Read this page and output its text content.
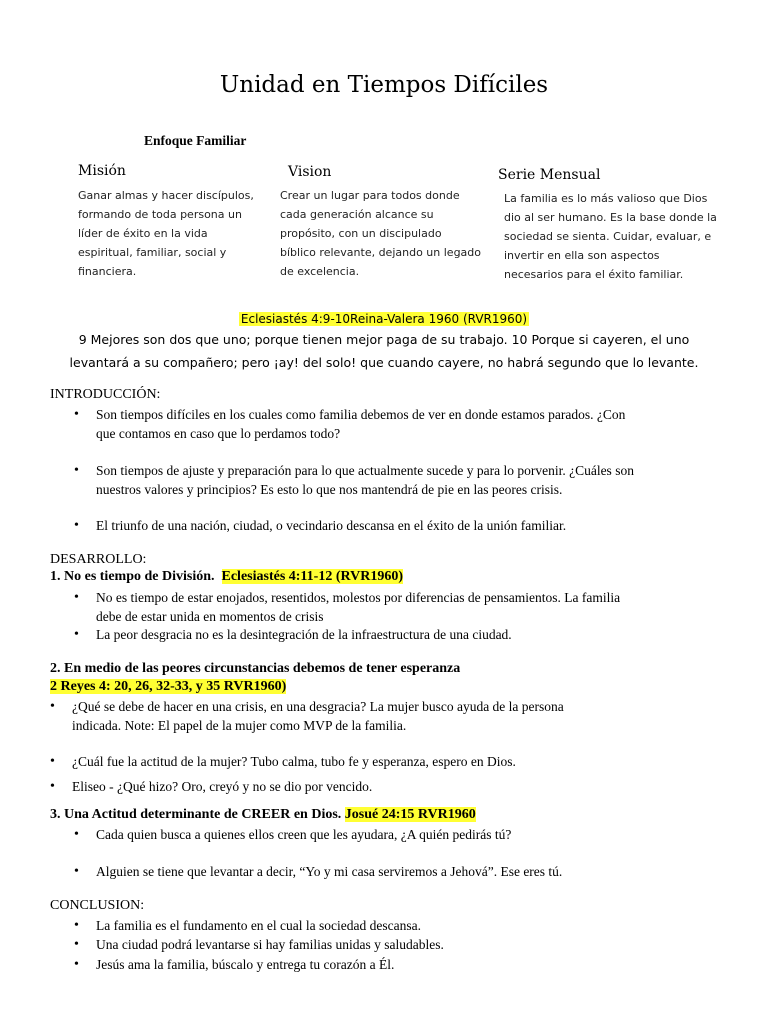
Unidad en Tiempos Difíciles
Enfoque Familiar
Misión
Ganar almas y hacer discípulos,
formando de toda persona un
líder de éxito en la vida
espiritual, familiar, social y
financiera.
Vision
Crear un lugar para todos donde
cada generación alcance su
propósito, con un discipulado
bíblico relevante, dejando un legado
de excelencia.
Serie Mensual
La familia es lo más valioso que Dios
dio al ser humano. Es la base donde la
sociedad se sienta. Cuidar, evaluar, e
invertir en ella son aspectos
necesarios para el éxito familiar.
Eclesiastés 4:9-10Reina-Valera 1960 (RVR1960)
9 Mejores son dos que uno; porque tienen mejor paga de su trabajo. 10 Porque si cayeren, el uno
levantará a su compañero; pero ¡ay! del solo! que cuando cayere, no habrá segundo que lo levante.
INTRODUCCIÓN:
• Son tiempos difíciles en los cuales como familia debemos de ver en donde estamos parados. ¿Con
que contamos en caso que lo perdamos todo?
• Son tiempos de ajuste y preparación para lo que actualmente sucede y para lo porvenir. ¿Cuáles son
nuestros valores y principios? Es esto lo que nos mantendrá de pie en las peores crisis.
• El triunfo de una nación, ciudad, o vecindario descansa en el éxito de la unión familiar.
DESARROLLO:
1. No es tiempo de División. Eclesiastés 4:11-12 (RVR1960)
• No es tiempo de estar enojados, resentidos, molestos por diferencias de pensamientos. La familia
debe de estar unida en momentos de crisis
• La peor desgracia no es la desintegración de la infraestructura de una ciudad.
2. En medio de las peores circunstancias debemos de tener esperanza
2 Reyes 4: 20, 26, 32-33, y 35 RVR1960)
• ¿Qué se debe de hacer en una crisis, en una desgracia? La mujer busco ayuda de la persona
indicada. Note: El papel de la mujer como MVP de la familia.
• ¿Cuál fue la actitud de la mujer? Tubo calma, tubo fe y esperanza, espero en Dios.
• Eliseo - ¿Qué hizo? Oro, creyó y no se dio por vencido.
3. Una Actitud determinante de CREER en Dios. Josué 24:15 RVR1960
• Cada quien busca a quienes ellos creen que les ayudara, ¿A quién pedirás tú?
• Alguien se tiene que levantar a decir, “Yo y mi casa serviremos a Jehová”. Ese eres tú.
CONCLUSION:
• La familia es el fundamento en el cual la sociedad descansa.
• Una ciudad podrá levantarse si hay familias unidas y saludables.
• Jesús ama la familia, búscalo y entrega tu corazón a Él.
